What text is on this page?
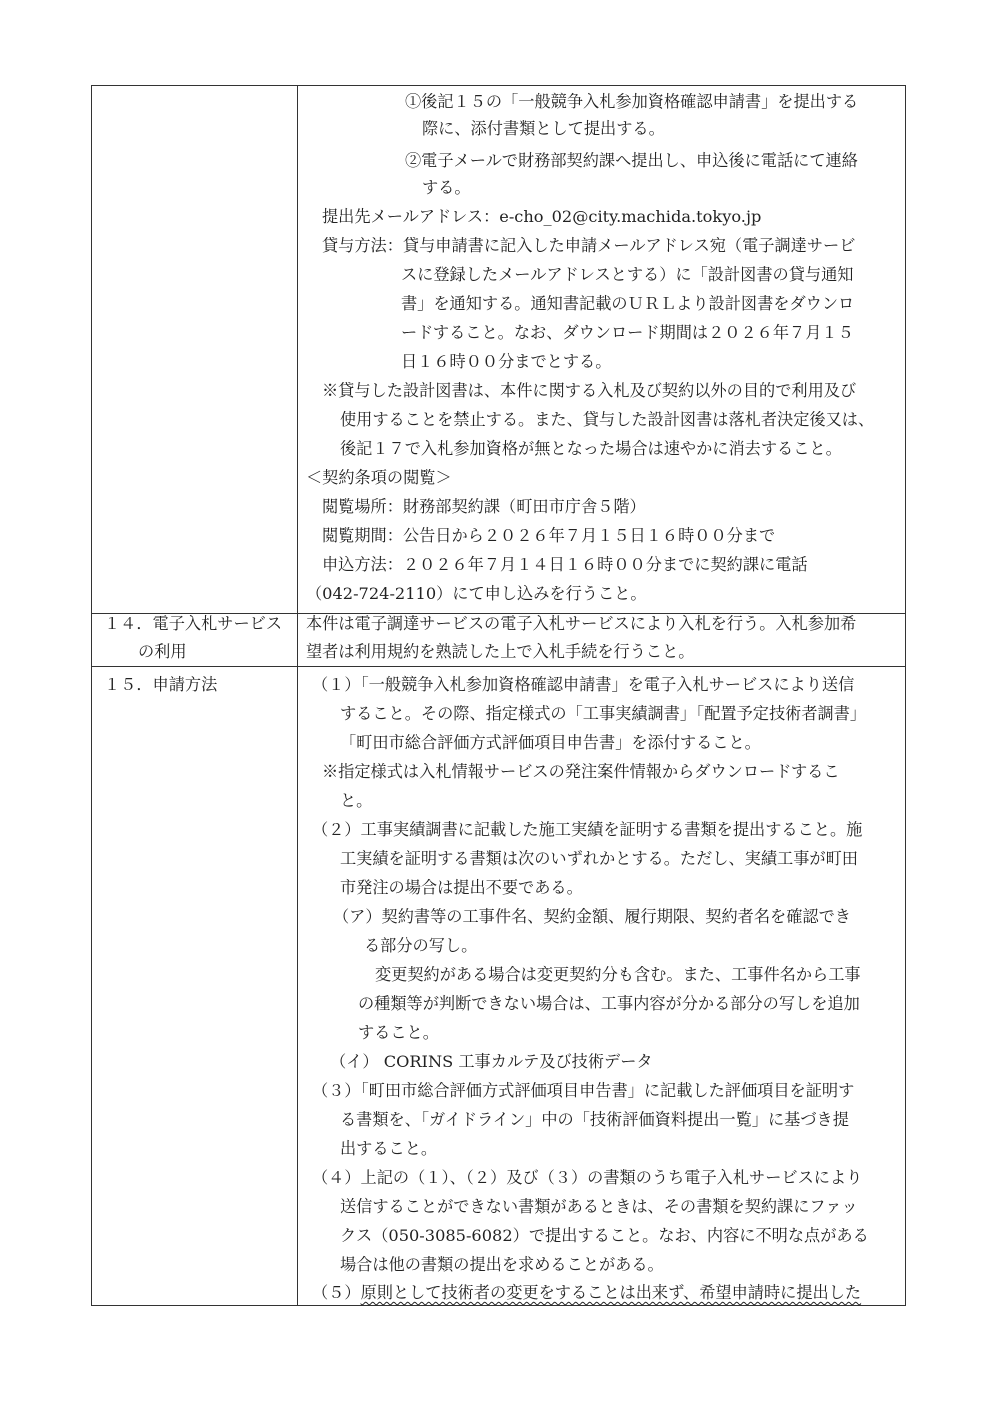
①後記１５の「一般競争入札参加資格確認申請書」を提出する
際に、添付書類として提出する。
②電子メールで財務部契約課へ提出し、申込後に電話にて連絡
する。
提出先メールアドレス：e-cho_02@city.machida.tokyo.jp
貸与方法：貸与申請書に記入した申請メールアドレス宛（電子調達サービ
スに登録したメールアドレスとする）に「設計図書の貸与通知
書」を通知する。通知書記載のＵＲＬより設計図書をダウンロ
ードすること。なお、ダウンロード期間は２０２６年７月１５
日１６時００分までとする。
※貸与した設計図書は、本件に関する入札及び契約以外の目的で利用及び
使用することを禁止する。また、貸与した設計図書は落札者決定後又は、
後記１７で入札参加資格が無となった場合は速やかに消去すること。
＜契約条項の閲覧＞
閲覧場所：財務部契約課（町田市庁舎５階）
閲覧期間：公告日から２０２６年７月１５日１６時００分まで
申込方法：２０２６年７月１４日１６時００分までに契約課に電話
（042-724-2110）にて申し込みを行うこと。
１４．電子入札サービス
の利用
本件は電子調達サービスの電子入札サービスにより入札を行う。入札参加希
望者は利用規約を熟読した上で入札手続を行うこと。
１５．申請方法	（１）「一般競争入札参加資格確認申請書」を電子入札サービスにより送信
すること。その際、指定様式の「工事実績調書」「配置予定技術者調書」
「町田市総合評価方式評価項目申告書」を添付すること。
※指定様式は入札情報サービスの発注案件情報からダウンロードするこ
と。
（２）工事実績調書に記載した施工実績を証明する書類を提出すること。施
工実績を証明する書類は次のいずれかとする。ただし、実績工事が町田
市発注の場合は提出不要である。
（ア）契約書等の工事件名、契約金額、履行期限、契約者名を確認でき
る部分の写し。
変更契約がある場合は変更契約分も含む。また、工事件名から工事
の種類等が判断できない場合は、工事内容が分かる部分の写しを追加
すること。
（イ） CORINS 工事カルテ及び技術データ
（３）「町田市総合評価方式評価項目申告書」に記載した評価項目を証明す
る書類を、「ガイドライン」中の「技術評価資料提出一覧」に基づき提
出すること。
（４）上記の（１）、（２）及び（３）の書類のうち電子入札サービスにより
送信することができない書類があるときは、その書類を契約課にファッ
クス（050-3085-6082）で提出すること。なお、内容に不明な点がある
場合は他の書類の提出を求めることがある。
（５）原則として技術者の変更をすることは出来ず、希望申請時に提出した
